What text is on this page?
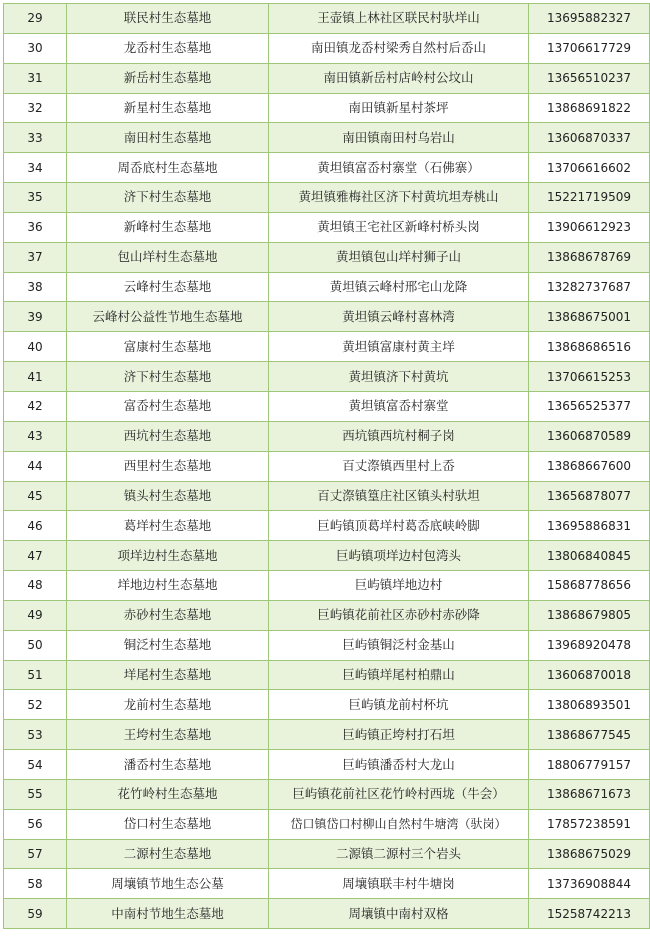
29	联民村生态墓地	王壶镇上林社区联民村驮垟山	13695882327
30	龙岙村生态墓地	南田镇龙岙村梁秀自然村后岙山	13706617729
31	新岳村生态墓地	南田镇新岳村店岭村公坟山	13656510237
32	新星村生态墓地	南田镇新星村茶坪	13868691822
33	南田村生态墓地	南田镇南田村乌岩山	13606870337
34	周岙底村生态墓地	黄坦镇富岙村寨堂（石佛寨）	13706616602
35	济下村生态墓地	黄坦镇雅梅社区济下村黄坑坦寿桃山	15221719509
36	新峰村生态墓地	黄坦镇王宅社区新峰村桥头岗	13906612923
37	包山垟村生态墓地	黄坦镇包山垟村狮子山	13868678769
38	云峰村生态墓地	黄坦镇云峰村邢宅山龙降	13282737687
39	云峰村公益性节地生态墓地	黄坦镇云峰村喜林湾	13868675001
40	富康村生态墓地	黄坦镇富康村黄主垟	13868686516
41	济下村生态墓地	黄坦镇济下村黄坑	13706615253
42	富岙村生态墓地	黄坦镇富岙村寨堂	13656525377
43	西坑村生态墓地	西坑镇西坑村桐子岗	13606870589
44	西里村生态墓地	百丈漈镇西里村上岙	13868667600
45	镇头村生态墓地	百丈漈镇篁庄社区镇头村驮坦	13656878077
46	葛垟村生态墓地	巨屿镇顶葛垟村葛岙底峡岭脚	13695886831
47	项垟边村生态墓地	巨屿镇项垟边村包湾头	13806840845
48	垟地边村生态墓地	巨屿镇垟地边村	15868778656
49	赤砂村生态墓地	巨屿镇花前社区赤砂村赤砂降	13868679805
50	铜泛村生态墓地	巨屿镇铜泛村金基山	13968920478
51	垟尾村生态墓地	巨屿镇垟尾村柏鼎山	13606870018
52	龙前村生态墓地	巨屿镇龙前村杯坑	13806893501
53	王垮村生态墓地	巨屿镇正垮村打石坦	13868677545
54	潘岙村生态墓地	巨屿镇潘岙村大龙山	18806779157
55	花竹岭村生态墓地	巨屿镇花前社区花竹岭村西垅（牛会）	13868671673
56	岱口村生态墓地	岱口镇岱口村柳山自然村牛塘湾（驮岗）	17857238591
57	二源村生态墓地	二源镇二源村三个岩头	13868675029
58	周壤镇节地生态公墓	周壤镇联丰村牛塘岗	13736908844
59	中南村节地生态墓地	周壤镇中南村双格	15258742213
